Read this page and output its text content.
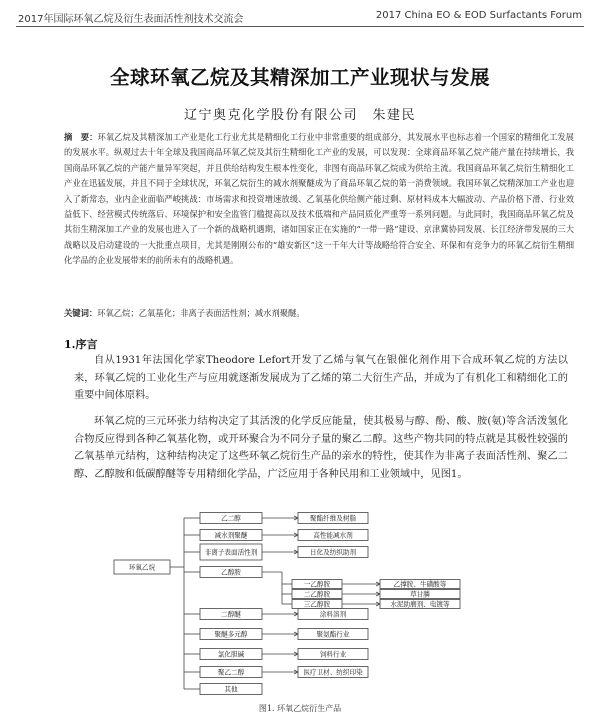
2017年国际环氧乙烷及衍生表面活性剂技术交流会	2017 China EO & EOD Surfactants Forum
全球环氧乙烷及其精深加工产业现状与发展
辽宁奥克化学股份有限公司　朱建民
摘　要：环氧乙烷及其精深加工产业是化工行业尤其是精细化工行业中非常重要的组成部分，其发展水平也标志着一个国家的精细化工发展的发展水平。纵观过去十年全球及我国商品环氧乙烷及其衍生精细化工产业的发展，可以发现：全球商品环氧乙烷产能产量在持续增长，我国商品环氧乙烷的产能产量异军突起，并且供给结构发生根本性变化，非图有商品环氧乙烷成为供给主流。我国商品环氧乙烷衍生精细化工产业在迅猛发展，并且不同于全球状况，环氧乙烷衍生的减水剂聚醚成为了商品环氧乙烷的第一消费领域。我国环氧乙烷精深加工产业也迎入了新常态，业内企业面临严峻挑战：市场需求和投资增速放缓、乙氧基化供给侧产能过剩、原材料成本大幅波动、产品价格下滑、行业效益低下、经营模式传统落后、环境保护和安全监管门槛提高以及技术低端和产品同质化严重等一系列问题。与此同时，我国商品环氧乙烷及其衍生精深加工产业的发展也进入了一个新的战略机遇期，诸如国家正在实施的“一带一路”建设、京津冀协同发展、长江经济带发展的三大战略以及启动建设的一大批重点项目，尤其是刚刚公布的“雄安新区”这一千年大计等战略给符合安全、环保和有竞争力的环氧乙烷衍生精细化学品的企业发展带来的前所未有的战略机遇。
关键词：环氧乙烷；乙氧基化；非离子表面活性剂；减水剂聚醚。
1.序言
自从1931年法国化学家Theodore Lefort开发了乙烯与氧气在银催化剂作用下合成环氧乙烷的方法以来，环氧乙烷的工业化生产与应用就逐渐发展成为了乙烯的第二大衍生产品，并成为了有机化工和精细化工的重要中间体原料。
环氧乙烷的三元环张力结构决定了其活泼的化学反应能量，使其极易与醇、酚、酸、胺(氨)等含活泼氢化合物反应得到各种乙氧基化物，或开环聚合为不同分子量的聚乙二醇。这些产物共同的特点就是其极性较强的乙氧基单元结构，这种结构决定了这些环氧乙烷衍生产品的亲水的特性，使其作为非离子表面活性剂、聚乙二醇、乙醇胺和低碳醇醚等专用精细化学品，广泛应用于各种民用和工业领域中，见图1。
环氧乙烷
乙二醇	聚酯纤维及树脂
减水剂聚醚	高性能减水剂
非离子表面活性剂	日化及纺织助剂
乙醇胺
二醇醚	涂料溶剂
聚醚多元醇	聚氨酯行业
氯化胆碱	饲料行业
聚乙二醇	医疗卫材、纺织印染
其他
一乙醇胺	乙撑胺、牛磺酸等
二乙醇胺	草甘膦
三乙醇胺	水泥助磨剂、电镀等
图1. 环氧乙烷衍生产品
